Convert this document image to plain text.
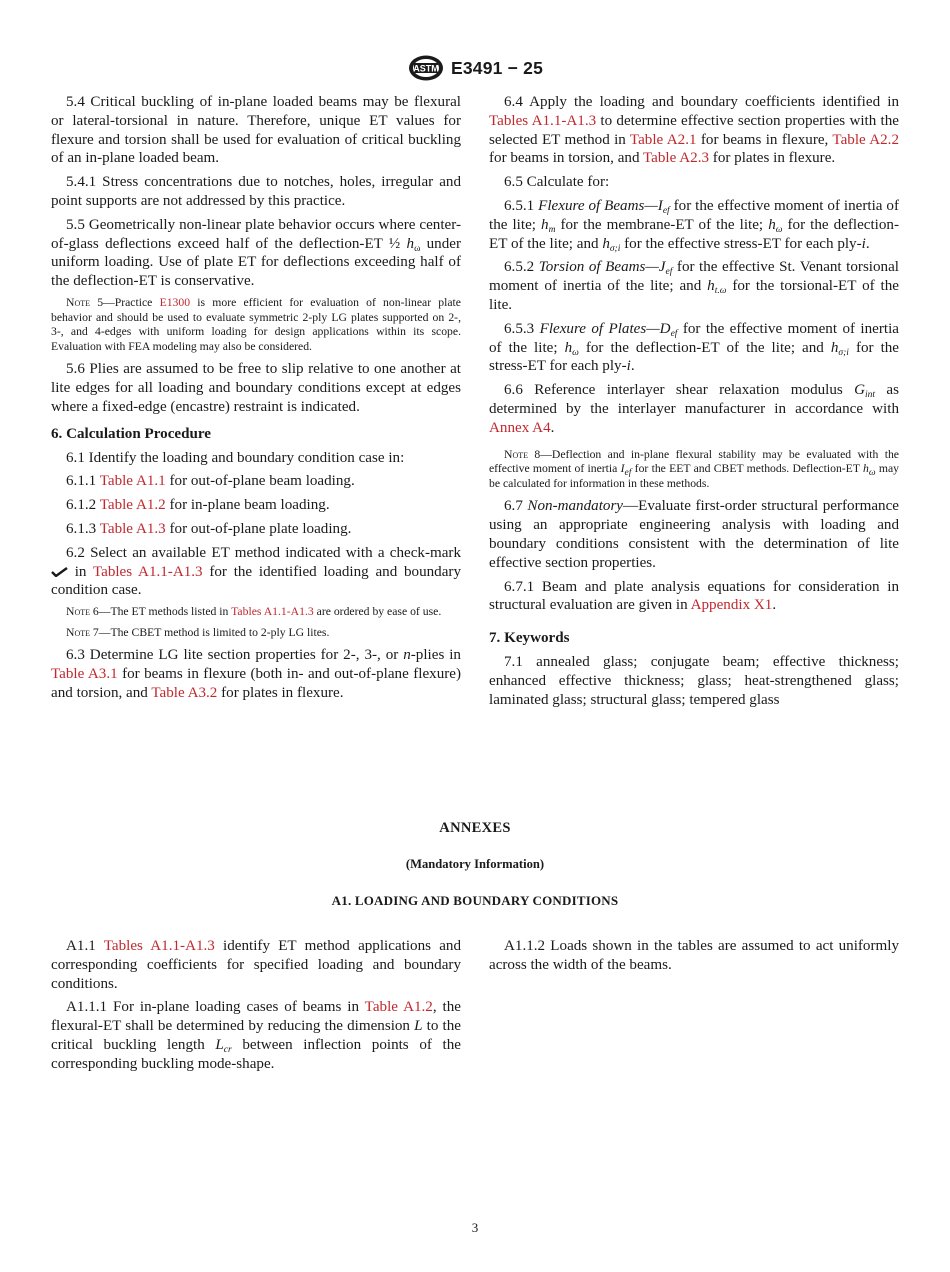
ASTM E3491 − 25

5.4 Critical buckling of in-plane loaded beams may be flexural or lateral-torsional in nature. Therefore, unique ET values for flexure and torsion shall be used for evaluation of critical buckling of an in-plane loaded beam.

5.4.1 Stress concentrations due to notches, holes, irregular and point supports are not addressed by this practice.

5.5 Geometrically non-linear plate behavior occurs where center-of-glass deflections exceed half of the deflection-ET ½ $h_\omega$ under uniform loading. Use of plate ET for deflections exceeding half of the deflection-ET is conservative.

Note 5—Practice E1300 is more efficient for evaluation of non-linear plate behavior and should be used to evaluate symmetric 2-ply LG plates supported on 2-, 3-, and 4-edges with uniform loading for design applications within its scope. Evaluation with FEA modeling may also be considered.

5.6 Plies are assumed to be free to slip relative to one another at lite edges for all loading and boundary conditions except at edges where a fixed-edge (encastre) restraint is indicated.

6. Calculation Procedure

6.1 Identify the loading and boundary condition case in:

6.1.1 Table A1.1 for out-of-plane beam loading.

6.1.2 Table A1.2 for in-plane beam loading.

6.1.3 Table A1.3 for out-of-plane plate loading.

6.2 Select an available ET method indicated with a check-mark  in Tables A1.1-A1.3 for the identified loading and boundary condition case.

Note 6—The ET methods listed in Tables A1.1-A1.3 are ordered by ease of use.

Note 7—The CBET method is limited to 2-ply LG lites.

6.3 Determine LG lite section properties for 2-, 3-, or n-plies in Table A3.1 for beams in flexure (both in- and out-of-plane flexure) and torsion, and Table A3.2 for plates in flexure.

6.4 Apply the loading and boundary coefficients identified in Tables A1.1-A1.3 to determine effective section properties with the selected ET method in Table A2.1 for beams in flexure, Table A2.2 for beams in torsion, and Table A2.3 for plates in flexure.

6.5 Calculate for:

6.5.1 Flexure of $Beams—I_{ef}$ for the effective moment of inertia of the lite; $h_m$ for the membrane-ET of the lite; $h_\omega$ for the deflection-ET of the lite; and $h_{\sigma;i}$ for the effective stress-ET for each ply-i.

6.5.2 Torsion of $Beams—J_{ef}$ for the effective St. Venant torsional moment of inertia of the lite; and $h_{t.\omega}$ for the torsional-ET of the lite.

6.5.3 Flexure of $Plates—D_{ef}$ for the effective moment of inertia of the lite; $h_\omega$ for the deflection-ET of the lite; and $h_{\sigma;i}$ for the stress-ET for each ply-i.

6.6 Reference interlayer shear relaxation modulus $G_{int}$ as determined by the interlayer manufacturer in accordance with Annex A4.

Note 8—Deflection and in-plane flexural stability may be evaluated with the effective moment of inertia $I_{ef}$ for the EET and CBET methods. Deflection-ET $h_\omega$ may be calculated for information in these methods.

6.7 Non-mandatory—Evaluate first-order structural performance using an appropriate engineering analysis with loading and boundary conditions consistent with the determination of lite effective section properties.

6.7.1 Beam and plate analysis equations for consideration in structural evaluation are given in Appendix X1.

7. Keywords

7.1 annealed glass; conjugate beam; effective thickness; enhanced effective thickness; glass; heat-strengthened glass; laminated glass; structural glass; tempered glass

ANNEXES
(Mandatory Information)
A1. LOADING AND BOUNDARY CONDITIONS

A1.1 Tables A1.1-A1.3 identify ET method applications and corresponding coefficients for specified loading and boundary conditions.

A1.1.1 For in-plane loading cases of beams in Table A1.2, the flexural-ET shall be determined by reducing the dimension L to the critical buckling length $L_{cr}$ between inflection points of the corresponding buckling mode-shape.

A1.1.2 Loads shown in the tables are assumed to act uniformly across the width of the beams.

3
